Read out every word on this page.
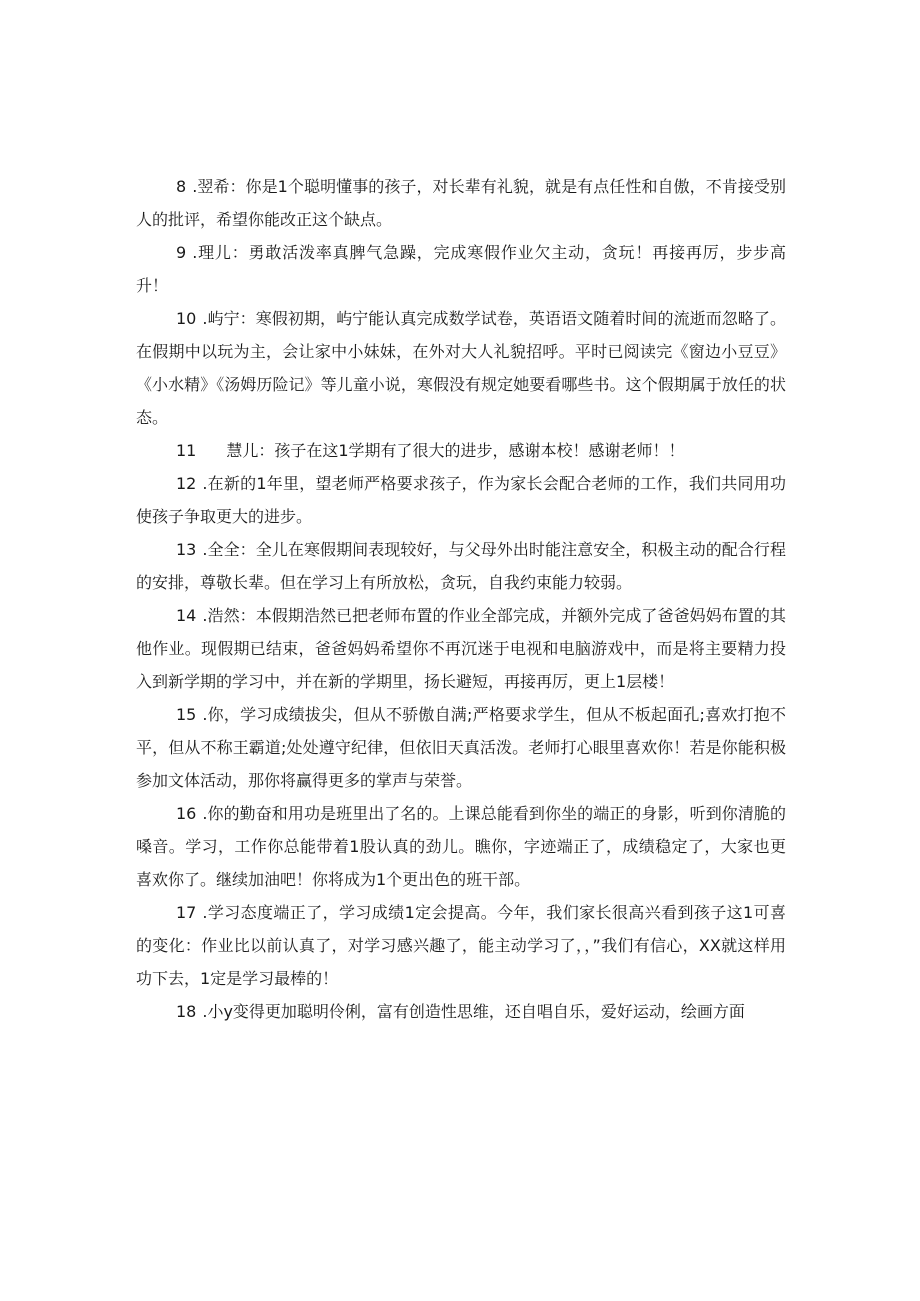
8 .翌希：你是1个聪明懂事的孩子，对长辈有礼貌，就是有点任性和自傲，不肯接受别人的批评，希望你能改正这个缺点。

9 .理儿：勇敢活泼率真脾气急躁，完成寒假作业欠主动，贪玩！再接再厉，步步高升！

10 .屿宁：寒假初期，屿宁能认真完成数学试卷，英语语文随着时间的流逝而忽略了。在假期中以玩为主，会让家中小妹妹，在外对大人礼貌招呼。平时已阅读完《窗边小豆豆》《小水精》《汤姆历险记》等儿童小说，寒假没有规定她要看哪些书。这个假期属于放任的状态。

11 慧儿：孩子在这1学期有了很大的进步，感谢本校！感谢老师！！

12 .在新的1年里，望老师严格要求孩子，作为家长会配合老师的工作，我们共同用功使孩子争取更大的进步。

13 .全全：全儿在寒假期间表现较好，与父母外出时能注意安全，积极主动的配合行程的安排，尊敬长辈。但在学习上有所放松，贪玩，自我约束能力较弱。

14 .浩然：本假期浩然已把老师布置的作业全部完成，并额外完成了爸爸妈妈布置的其他作业。现假期已结束，爸爸妈妈希望你不再沉迷于电视和电脑游戏中，而是将主要精力投入到新学期的学习中，并在新的学期里，扬长避短，再接再厉，更上1层楼！

15 .你，学习成绩拔尖，但从不骄傲自满;严格要求学生，但从不板起面孔;喜欢打抱不平，但从不称王霸道;处处遵守纪律，但依旧天真活泼。老师打心眼里喜欢你！若是你能积极参加文体活动，那你将赢得更多的掌声与荣誉。

16 .你的勤奋和用功是班里出了名的。上课总能看到你坐的端正的身影，听到你清脆的嗓音。学习，工作你总能带着1股认真的劲儿。瞧你，字迹端正了，成绩稳定了，大家也更喜欢你了。继续加油吧！你将成为1个更出色的班干部。

17 .学习态度端正了，学习成绩1定会提高。今年，我们家长很高兴看到孩子这1可喜的变化：作业比以前认真了，对学习感兴趣了，能主动学习了，，”我们有信心，XX就这样用功下去，1定是学习最棒的！

18 .小y变得更加聪明伶俐，富有创造性思维，还自唱自乐，爱好运动，绘画方面
